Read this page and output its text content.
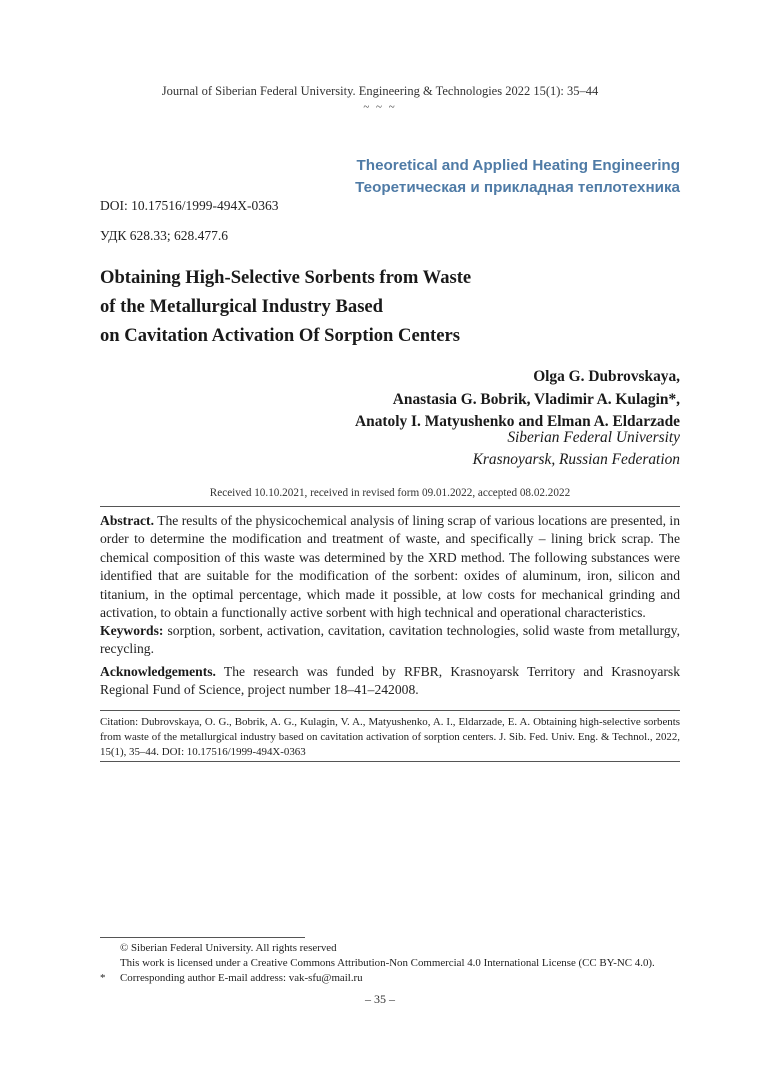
Journal of Siberian Federal University. Engineering & Technologies 2022 15(1): 35–44
~ ~ ~
Theoretical and Applied Heating Engineering
Теоретическая и прикладная теплотехника
DOI: 10.17516/1999-494X-0363
УДК 628.33; 628.477.6
Obtaining High-Selective Sorbents from Waste
of the Metallurgical Industry Based
on Cavitation Activation Of Sorption Centers
Olga G. Dubrovskaya,
Anastasia G. Bobrik, Vladimir A. Kulagin*,
Anatoly I. Matyushenko and Elman A. Eldarzade
Siberian Federal University
Krasnoyarsk, Russian Federation
Received 10.10.2021, received in revised form 09.01.2022, accepted 08.02.2022
Abstract. The results of the physicochemical analysis of lining scrap of various locations are presented, in order to determine the modification and treatment of waste, and specifically – lining brick scrap. The chemical composition of this waste was determined by the XRD method. The following substances were identified that are suitable for the modification of the sorbent: oxides of aluminum, iron, silicon and titanium, in the optimal percentage, which made it possible, at low costs for mechanical grinding and activation, to obtain a functionally active sorbent with high technical and operational characteristics.
Keywords: sorption, sorbent, activation, cavitation, cavitation technologies, solid waste from metallurgy, recycling.
Acknowledgements. The research was funded by RFBR, Krasnoyarsk Territory and Krasnoyarsk Regional Fund of Science, project number 18–41–242008.
Citation: Dubrovskaya, O. G., Bobrik, A. G., Kulagin, V. A., Matyushenko, A. I., Eldarzade, E. A. Obtaining high-selective sorbents from waste of the metallurgical industry based on cavitation activation of sorption centers. J. Sib. Fed. Univ. Eng. & Technol., 2022, 15(1), 35–44. DOI: 10.17516/1999-494X-0363
© Siberian Federal University. All rights reserved
This work is licensed under a Creative Commons Attribution-Non Commercial 4.0 International License (CC BY-NC 4.0).
* Corresponding author E-mail address: vak-sfu@mail.ru
– 35 –
